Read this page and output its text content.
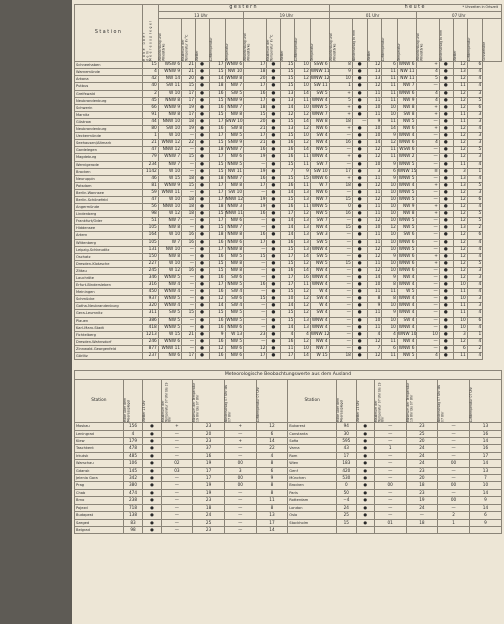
Station	Höhe über dem Meeresspiegel	gestern										heute									
		13 Uhr					19 Uhr					01 Uhr					07 Uhr				

		Windrichtung und Windstärke	Maximum der Temperatur in °C	Wetter	Lufttemperatur	Temperatur	Windrichtung und Windstärke	Maximum der Temperatur in °C	Wetter	Lufttemperatur	Temperatur	Windrichtung und Windstärke	Niederschlag in mm	Wetter	Lufttemperatur	Temperatur	Windrichtung und Windstärke	Niederschlag in mm	Wetter	Lufttemperatur	Schneehöhe

Schneehaben	15	WSW 6	21	●	17	WNW 6	17	●	15	10	SSW 6	8	●	12	6	WNW 6	+	●	12	6	
Warnemünde	4	WNW 9	21	●	15	NW 10	18	●	15	12	WNW 11	9	●	13	11	NW 11	4	●	13	4	
Arkona	42	NW 14	20	●	14	WNW 8	20	●	15	12	WNW 12	10	●	13	11	NW 11	5	●	12	4	
Putbus	40	SW 11	15	●	18	NW 7	17	●	15	10	SW 11	1	●	12	11	NW 7	—	●	11	4	
Greifswald	2	W 10	17	●	16	SW 5	16	●	13	14	SW 5	+	●	11	11	WNW 6	4	●	12	3	
Neubrandenburg	45	NNW 8	17	●	15	NNW 9	17	●	13	11	WNW 4	5	●	11	11	NW 9	4	●	12	5	
Schwerin	66	WNW 9	19	●	16	NNW 7	18	●	14	10	WNW 5	+	●	10	10	NW 8	+	●	12	6	
Marnitz	91	NW 8	17	●	15	NW 8	15	●	12	12	WNW 7	+	●	11	10	SW 8	+	●	11	3	
Güstrow	44	NNW 10	18	●	17	SNW 10	20	●	15	14	NW 8	18	—	9	11	NW 5	—	●	11	3	
Neubrandenburg	80	SW 10	19	●	16	SW 8	21	●	13	12	NW 6	+	●	10	14	NW 6	+	●	12	4	
Ueckermünde	1	W 10	—	●	17	NW 5	17	●	15	10	SW 4	—	●	10	9	WNW 4	—	●	12	3	
Seehausen/Altmark	21	WNW 12	22	●	15	SNW 9	21	●	16	12	NW 4	16	●	14	12	WNW 6	4	●	12	3	
Gardelegen	47	NNW 12	—	●	18	WNW 7	16	●	16	14	NW 5	—	●	12	11	WSW 6	—	●	12	5	
Magdeburg	79	WNW 7	15	●	17	NW 6	19	●	16	11	WNW 4	+	●	12	11	WNW 2	—	●	12	3	
Wernigerode	234	NW 7	—	●	15	NNW 5	—	●	15	11	SW 7	—	●	10	9	WNW 5	—	●	11	4	
Brocken	1142	W 10	—	●	15	NW 11	19	●	7	9	SW 10	17	●	3	6	WNW 15	≡	●	3	1	
Neuruppin	46	W 15	18	●	18	NNW 7	16	●	15	15	WNW 6	+	●	11	9	WNW 5	—	●	13	4	
Potsdam	81	WNW 9	15	●	17	NW 8	17	●	16	11	W 7	18	●	12	10	WNW 4	+	●	13	5	
Berlin-Wannsee	59	WNW 11	—	●	17	SW 10	—	●	14	13	NW 6	—	●	11	10	WNW 5	—	●	12	3	
Berlin-Schönefeld	47	W 10	18	●	17	NNW 12	19	●	15	13	NW 7	15	●	12	10	WNW 5	—	●	12	6	
Angermünde	56	NNW 10	18	●	18	NNW 3	19	●	16	11	WNW 5	0	●	11	10	NW 9	+	●	12	4	
Lindenberg	98	W 12	18	●	15	NNW 11	16	●	17	12	NW 5	16	●	11	10	NW 8	+	●	12	5	
Frankfurt/Oder	51	NW 7	—	●	17	NW 6	—	●	14	13	SW 7	—	●	12	10	WNW 5	—	●	12	5	
Hiddensee	105	NW 8	—	●	15	NNW 7	—	●	14	13	NW 4	15	●	10	12	NW 5	—	●	13	2	
Artern	164	W 10	16	●	18	NNW 8	16	●	14	13	SW 3	—	●	11	10	SW 6	—	●	12	6	
Wittenberg	105	W 7	16	●	16	NNW 6	17	●	16	13	SW 5	—	●	11	10	WNW 6	—	●	12	4	
Leipzig-Schkeuditz	131	NW 10	—	●	17	NNW 8	—	●	15	13	WNW 4	—	●	12	10	WNW 5	—	●	12	4	
Oschatz	150	NW 8	—	●	16	NW 5	15	●	17	14	SW 5	—	●	12	9	WNW 6	+	●	12	4	
Dresden-Klotzsche	227	W 10	—	●	15	NW 8	—	●	15	12	NW 5	15	●	11	10	WNW 6	+	●	12	5	
Zittau	245	W 12	16	●	15	NW 8	—	●	16	14	NW 4	—	●	12	10	WNW 6	—	●	12	3	
Lauchröte	346	WNW 5	—	●	16	SW 6	—	●	17	16	WNW 4	—	●	14	9	NW 4	—	●	12	3	
Erfurt-Bindersleben	316	NW 4	—	●	17	NNW 5	16	●	17	11	WNW 4	—	●	10	8	WNW 4	—	●	10	4	
Meiningen	450	WNW 4	—	●	16	SW 4	—	●	15	12	W 4	—	●	11	11	W 5	—	●	11	4	
Schmücke	937	WNW 5	—	●	12	SW 6	15	●	10	12	SW 4	—	●	8	8	WNW 4	—	●	10	3	
Gotha-Neubrandenburg	320	WNW 4	—	●	14	SW 4	—	●	14	12	W 4	—	●	9	10	WNW 4	—	●	11	3	
Gera-Leumnitz	311	SW 5	15	●	15	NW 5	—	●	15	12	SW 4	—	●	11	9	WNW 4	—	●	11	4	
Plauen	386	NW 5	—	●	16	WNW 5	—	●	15	13	WNW 4	—	●	10	10	SW 4	—	●	10	6	
Karl-Marx-Stadt	418	WNW 5	—	●	16	NNW 6	—	●	14	13	WNW 4	—	●	11	10	WNW 4	—	●	10	4	
Fichtelberg	1213	W 15	21	●	9	W 13	23	●	4	4	WNW 12	—	●	4	4	WNW 10	10	●	3	1	
Dresden-Wahnsdorf	246	WNW 6	—	●	16	NW 5	—	●	16	12	NW 4	—	●	12	11	NW 4	—	●	12	4	
Zinnwald-Georgenfeld	877	WNW 11	—	●	12	NW 6	12	●	11	10	NW 7	—	●	7	6	WNW 6	—	●	6	2	
Görlitz	237	NW 6	17	●	16	NW 6	17	●	17	14	W 15	18	●	12	11	NW 5	4	●	11	4	
Meteorologische Beobachtungswerte aus dem Ausland
* Uhrzeiten in Ortszeit													

Station	Höhe über dem Meeresspiegel	Wetter 13 Uhr	Maximum der Temperatur 07 Uhr bis 19 Uhr	Minimum der Temperatur 19 Uhr bis 07 Uhr	Niederschlag 07 Uhr bis 07 Uhr	Lufttemperatur 07 Uhr	Station	Höhe über dem Meeresspiegel	Wetter 13 Uhr	Maximum der Temperatur 07 Uhr bis 19 Uhr	Minimum der Temperatur 19 Uhr bis 07 Uhr	Niederschlag 07 Uhr bis 07 Uhr	Lufttemperatur 07 Uhr

Moskau	156	●	+	23	+	12	Bukarest	94	●	—	23	—	13
Leningrad	4	●	—	20	—	6	Constanta	30	●	—	25	—	16
Kiew	179	●	—	23	+	14	Sofia	595	●	—	20	—	14
Taschkent	478	●	—	37	—	22	Varna	43	●	1	24	—	16
Irkutsk	485	●	—	16	—	4	Rom	17	●	—	24	—	17
Warschau	106	●	02	19	00	8	Wien	183	●	—	24	00	14
Gdansk	145	●	03	17	3	6	Genf	420	●	—	23	—	13
Jelenia Gora	342	●	—	17	00	9	München	530	●	—	20	—	7
Prag	380	●	—	19	00	8	Brocken	0	●	00	18	00	10
Chab	474	●	—	19	—	8	Paris	50	●	—	23	—	14
Brno	238	●	—	23	—	11	Rotterdam	−4	●	—	19	00	9
Pojezd	718	●	—	18	—	8	London	24	●	—	24	—	14
Budapest	138	●	—	24	—	13	Oslo	25	●	—	—	2	6
Szeged	83	●	—	25	—	17	Stockholm	15	●	01	18	1	9
Belgrad	98	●	—	23	—	14							
